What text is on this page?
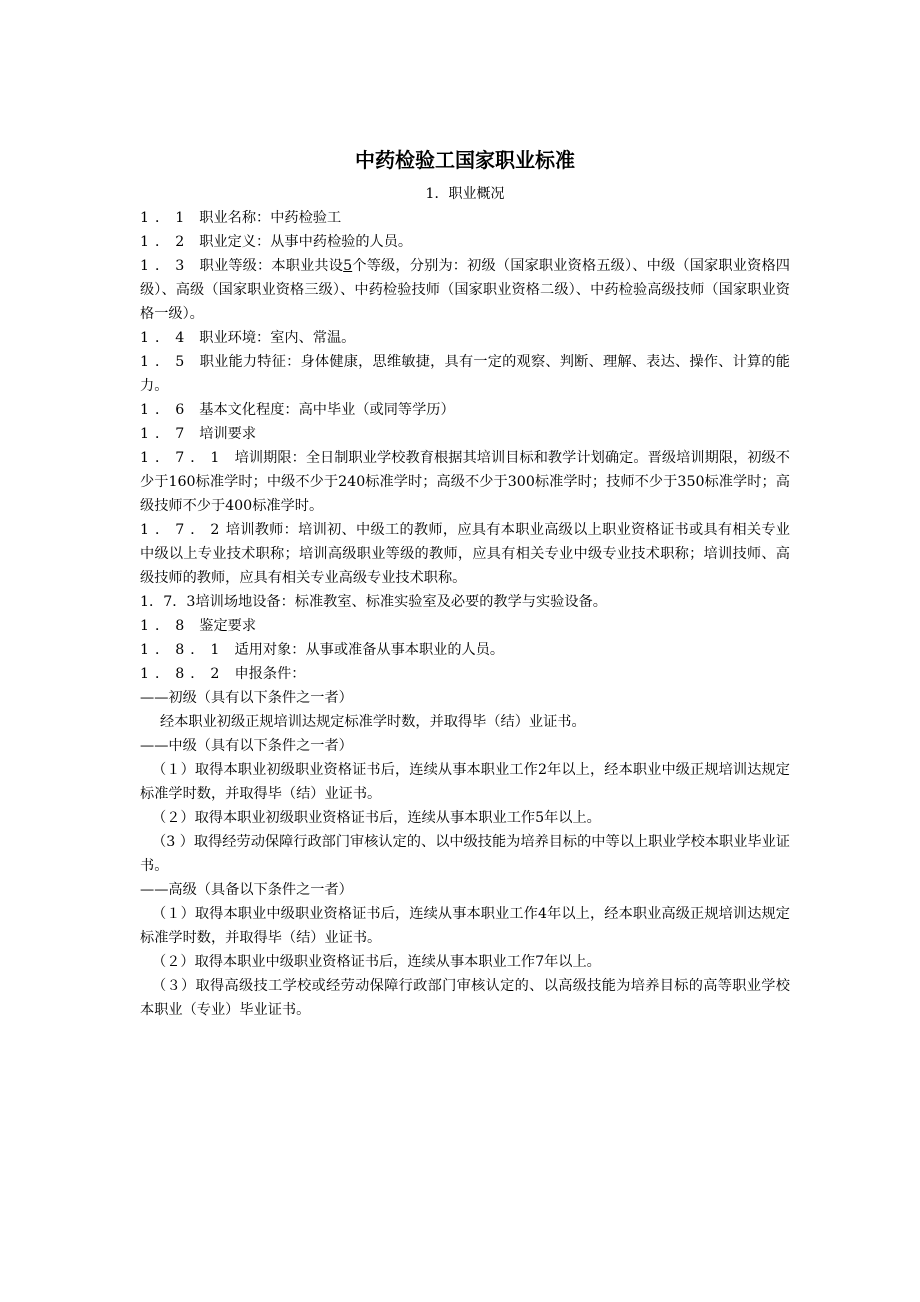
中药检验工国家职业标准
1．职业概况
1．1 职业名称：中药检验工
1．2 职业定义：从事中药检验的人员。
1．3 职业等级：本职业共设5个等级，分别为：初级（国家职业资格五级）、中级（国家职业资格四级）、高级（国家职业资格三级）、中药检验技师（国家职业资格二级）、中药检验高级技师（国家职业资格一级）。
1．4 职业环境：室内、常温。
1．5 职业能力特征：身体健康，思维敏捷，具有一定的观察、判断、理解、表达、操作、计算的能力。
1．6 基本文化程度：高中毕业（或同等学历）
1．7 培训要求
1．7．1 培训期限：全日制职业学校教育根据其培训目标和教学计划确定。晋级培训期限，初级不少于160标准学时；中级不少于240标准学时；高级不少于300标准学时；技师不少于350标准学时；高级技师不少于400标准学时。
1．7．2培训教师：培训初、中级工的教师，应具有本职业高级以上职业资格证书或具有相关专业中级以上专业技术职称；培训高级职业等级的教师，应具有相关专业中级专业技术职称；培训技师、高级技师的教师，应具有相关专业高级专业技术职称。
1．7．3培训场地设备：标准教室、标准实验室及必要的教学与实验设备。
1．8 鉴定要求
1．8．1 适用对象：从事或准备从事本职业的人员。
1．8．2 申报条件：
——初级（具有以下条件之一者）
经本职业初级正规培训达规定标准学时数，并取得毕（结）业证书。
——中级（具有以下条件之一者）
（１）取得本职业初级职业资格证书后，连续从事本职业工作2年以上，经本职业中级正规培训达规定标准学时数，并取得毕（结）业证书。
（２）取得本职业初级职业资格证书后，连续从事本职业工作5年以上。
（3 ）取得经劳动保障行政部门审核认定的、以中级技能为培养目标的中等以上职业学校本职业毕业证书。
——高级（具备以下条件之一者）
（１）取得本职业中级职业资格证书后，连续从事本职业工作4年以上，经本职业高级正规培训达规定标准学时数，并取得毕（结）业证书。
（２）取得本职业中级职业资格证书后，连续从事本职业工作7年以上。
（３）取得高级技工学校或经劳动保障行政部门审核认定的、以高级技能为培养目标的高等职业学校本职业（专业）毕业证书。
